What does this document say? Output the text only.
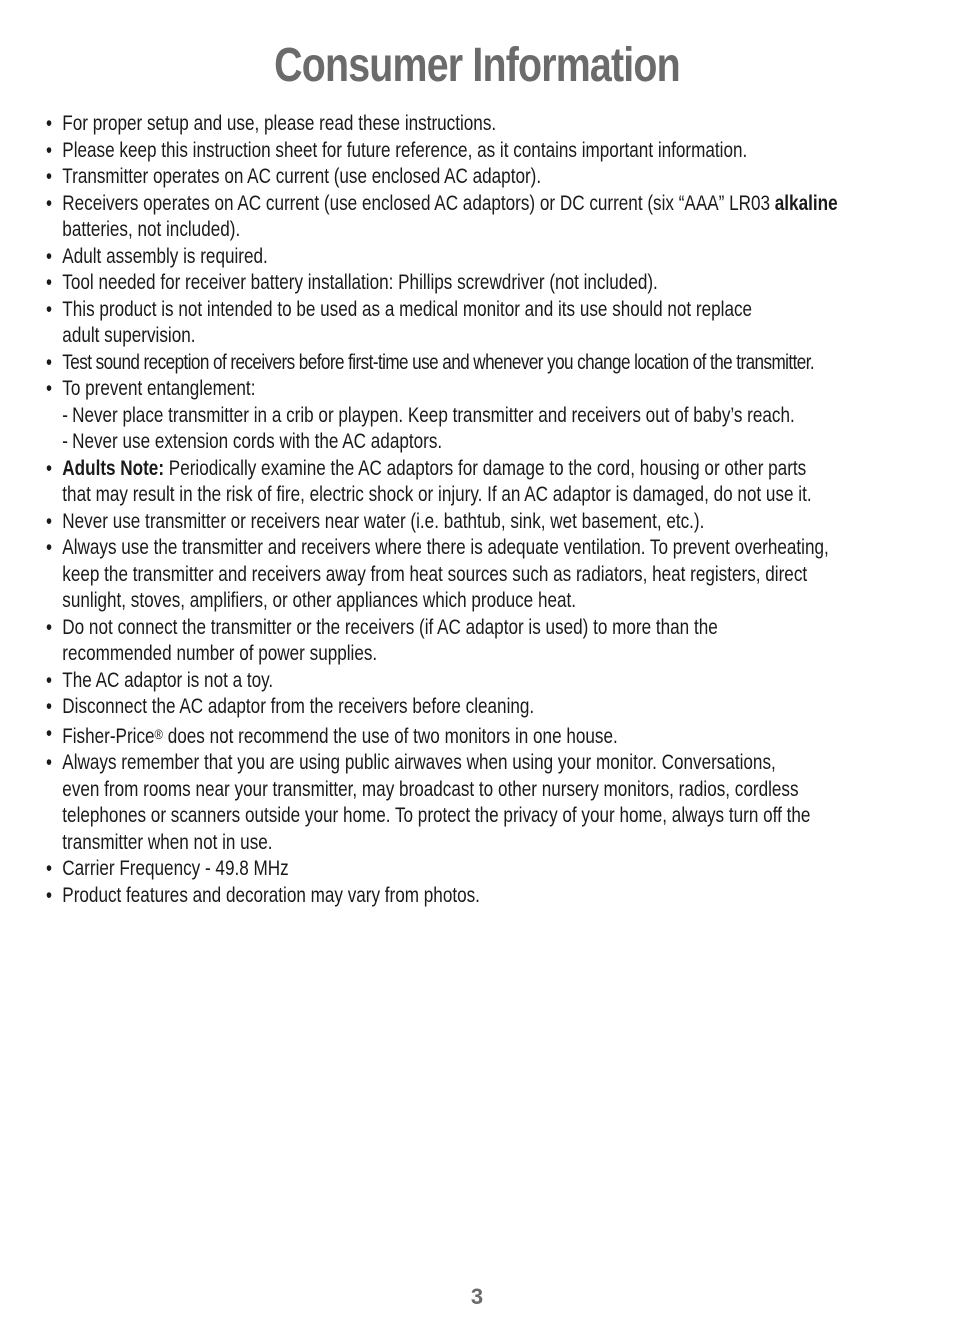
Consumer Information
• For proper setup and use, please read these instructions.
• Please keep this instruction sheet for future reference, as it contains important information.
• Transmitter operates on AC current (use enclosed AC adaptor).
• Receivers operates on AC current (use enclosed AC adaptors) or DC current (six “AAA” LR03 alkaline
batteries, not included).
• Adult assembly is required.
• Tool needed for receiver battery installation: Phillips screwdriver (not included).
• This product is not intended to be used as a medical monitor and its use should not replace
adult supervision.
• Test sound reception of receivers before first-time use and whenever you change location of the transmitter.
• To prevent entanglement:
- Never place transmitter in a crib or playpen. Keep transmitter and receivers out of baby’s reach.
- Never use extension cords with the AC adaptors.
• Adults Note: Periodically examine the AC adaptors for damage to the cord, housing or other parts
that may result in the risk of fire, electric shock or injury. If an AC adaptor is damaged, do not use it.
• Never use transmitter or receivers near water (i.e. bathtub, sink, wet basement, etc.).
• Always use the transmitter and receivers where there is adequate ventilation. To prevent overheating,
keep the transmitter and receivers away from heat sources such as radiators, heat registers, direct
sunlight, stoves, amplifiers, or other appliances which produce heat.
• Do not connect the transmitter or the receivers (if AC adaptor is used) to more than the
recommended number of power supplies.
• The AC adaptor is not a toy.
• Disconnect the AC adaptor from the receivers before cleaning.
• Fisher-Price® does not recommend the use of two monitors in one house.
• Always remember that you are using public airwaves when using your monitor. Conversations,
even from rooms near your transmitter, may broadcast to other nursery monitors, radios, cordless
telephones or scanners outside your home. To protect the privacy of your home, always turn off the
transmitter when not in use.
• Carrier Frequency - 49.8 MHz
• Product features and decoration may vary from photos.
3
